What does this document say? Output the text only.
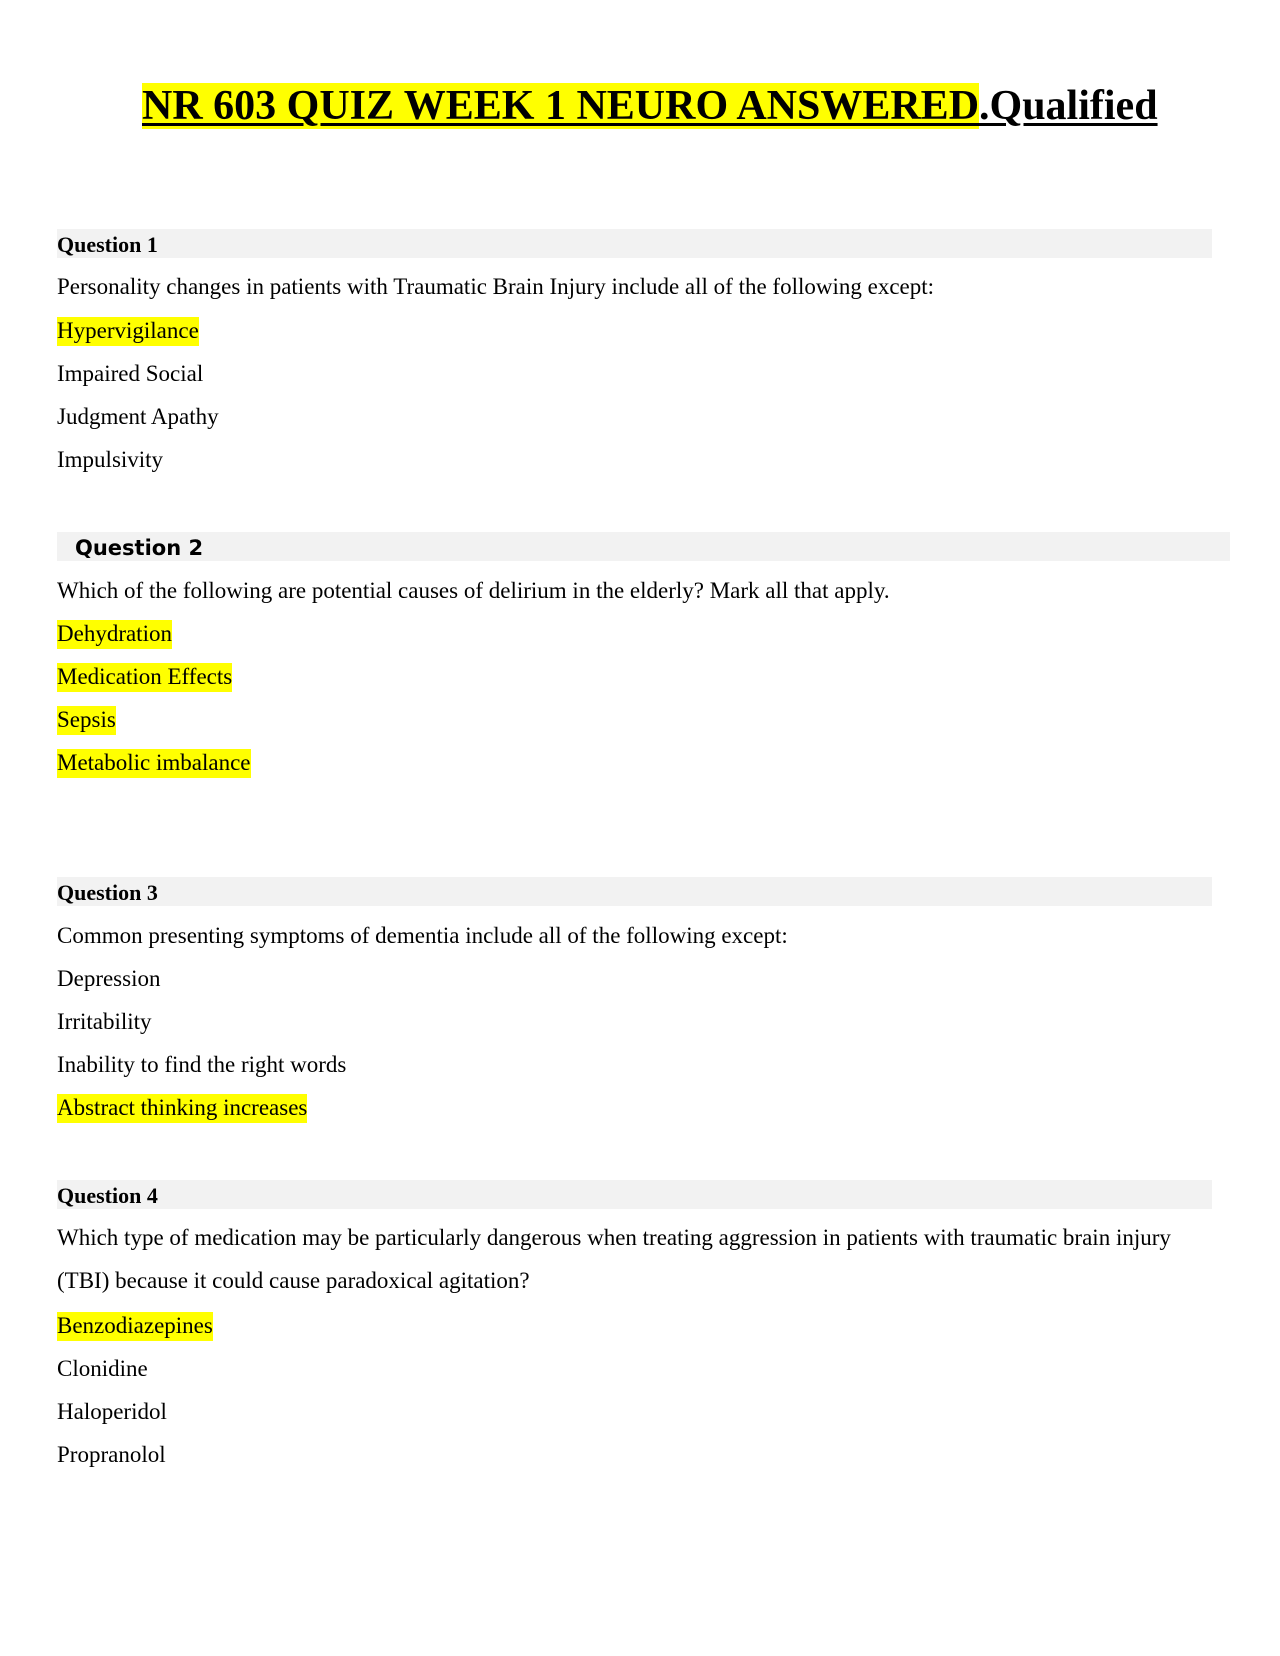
NR 603 QUIZ WEEK 1 NEURO ANSWERED.Qualified
Question 1
Personality changes in patients with Traumatic Brain Injury include all of the following except:
Hypervigilance
Impaired Social
Judgment Apathy
Impulsivity
Question 2
Which of the following are potential causes of delirium in the elderly? Mark all that apply.
Dehydration
Medication Effects
Sepsis
Metabolic imbalance
Question 3
Common presenting symptoms of dementia include all of the following except:
Depression
Irritability
Inability to find the right words
Abstract thinking increases
Question 4
Which type of medication may be particularly dangerous when treating aggression in patients with traumatic brain injury (TBI) because it could cause paradoxical agitation?
Benzodiazepines
Clonidine
Haloperidol
Propranolol
